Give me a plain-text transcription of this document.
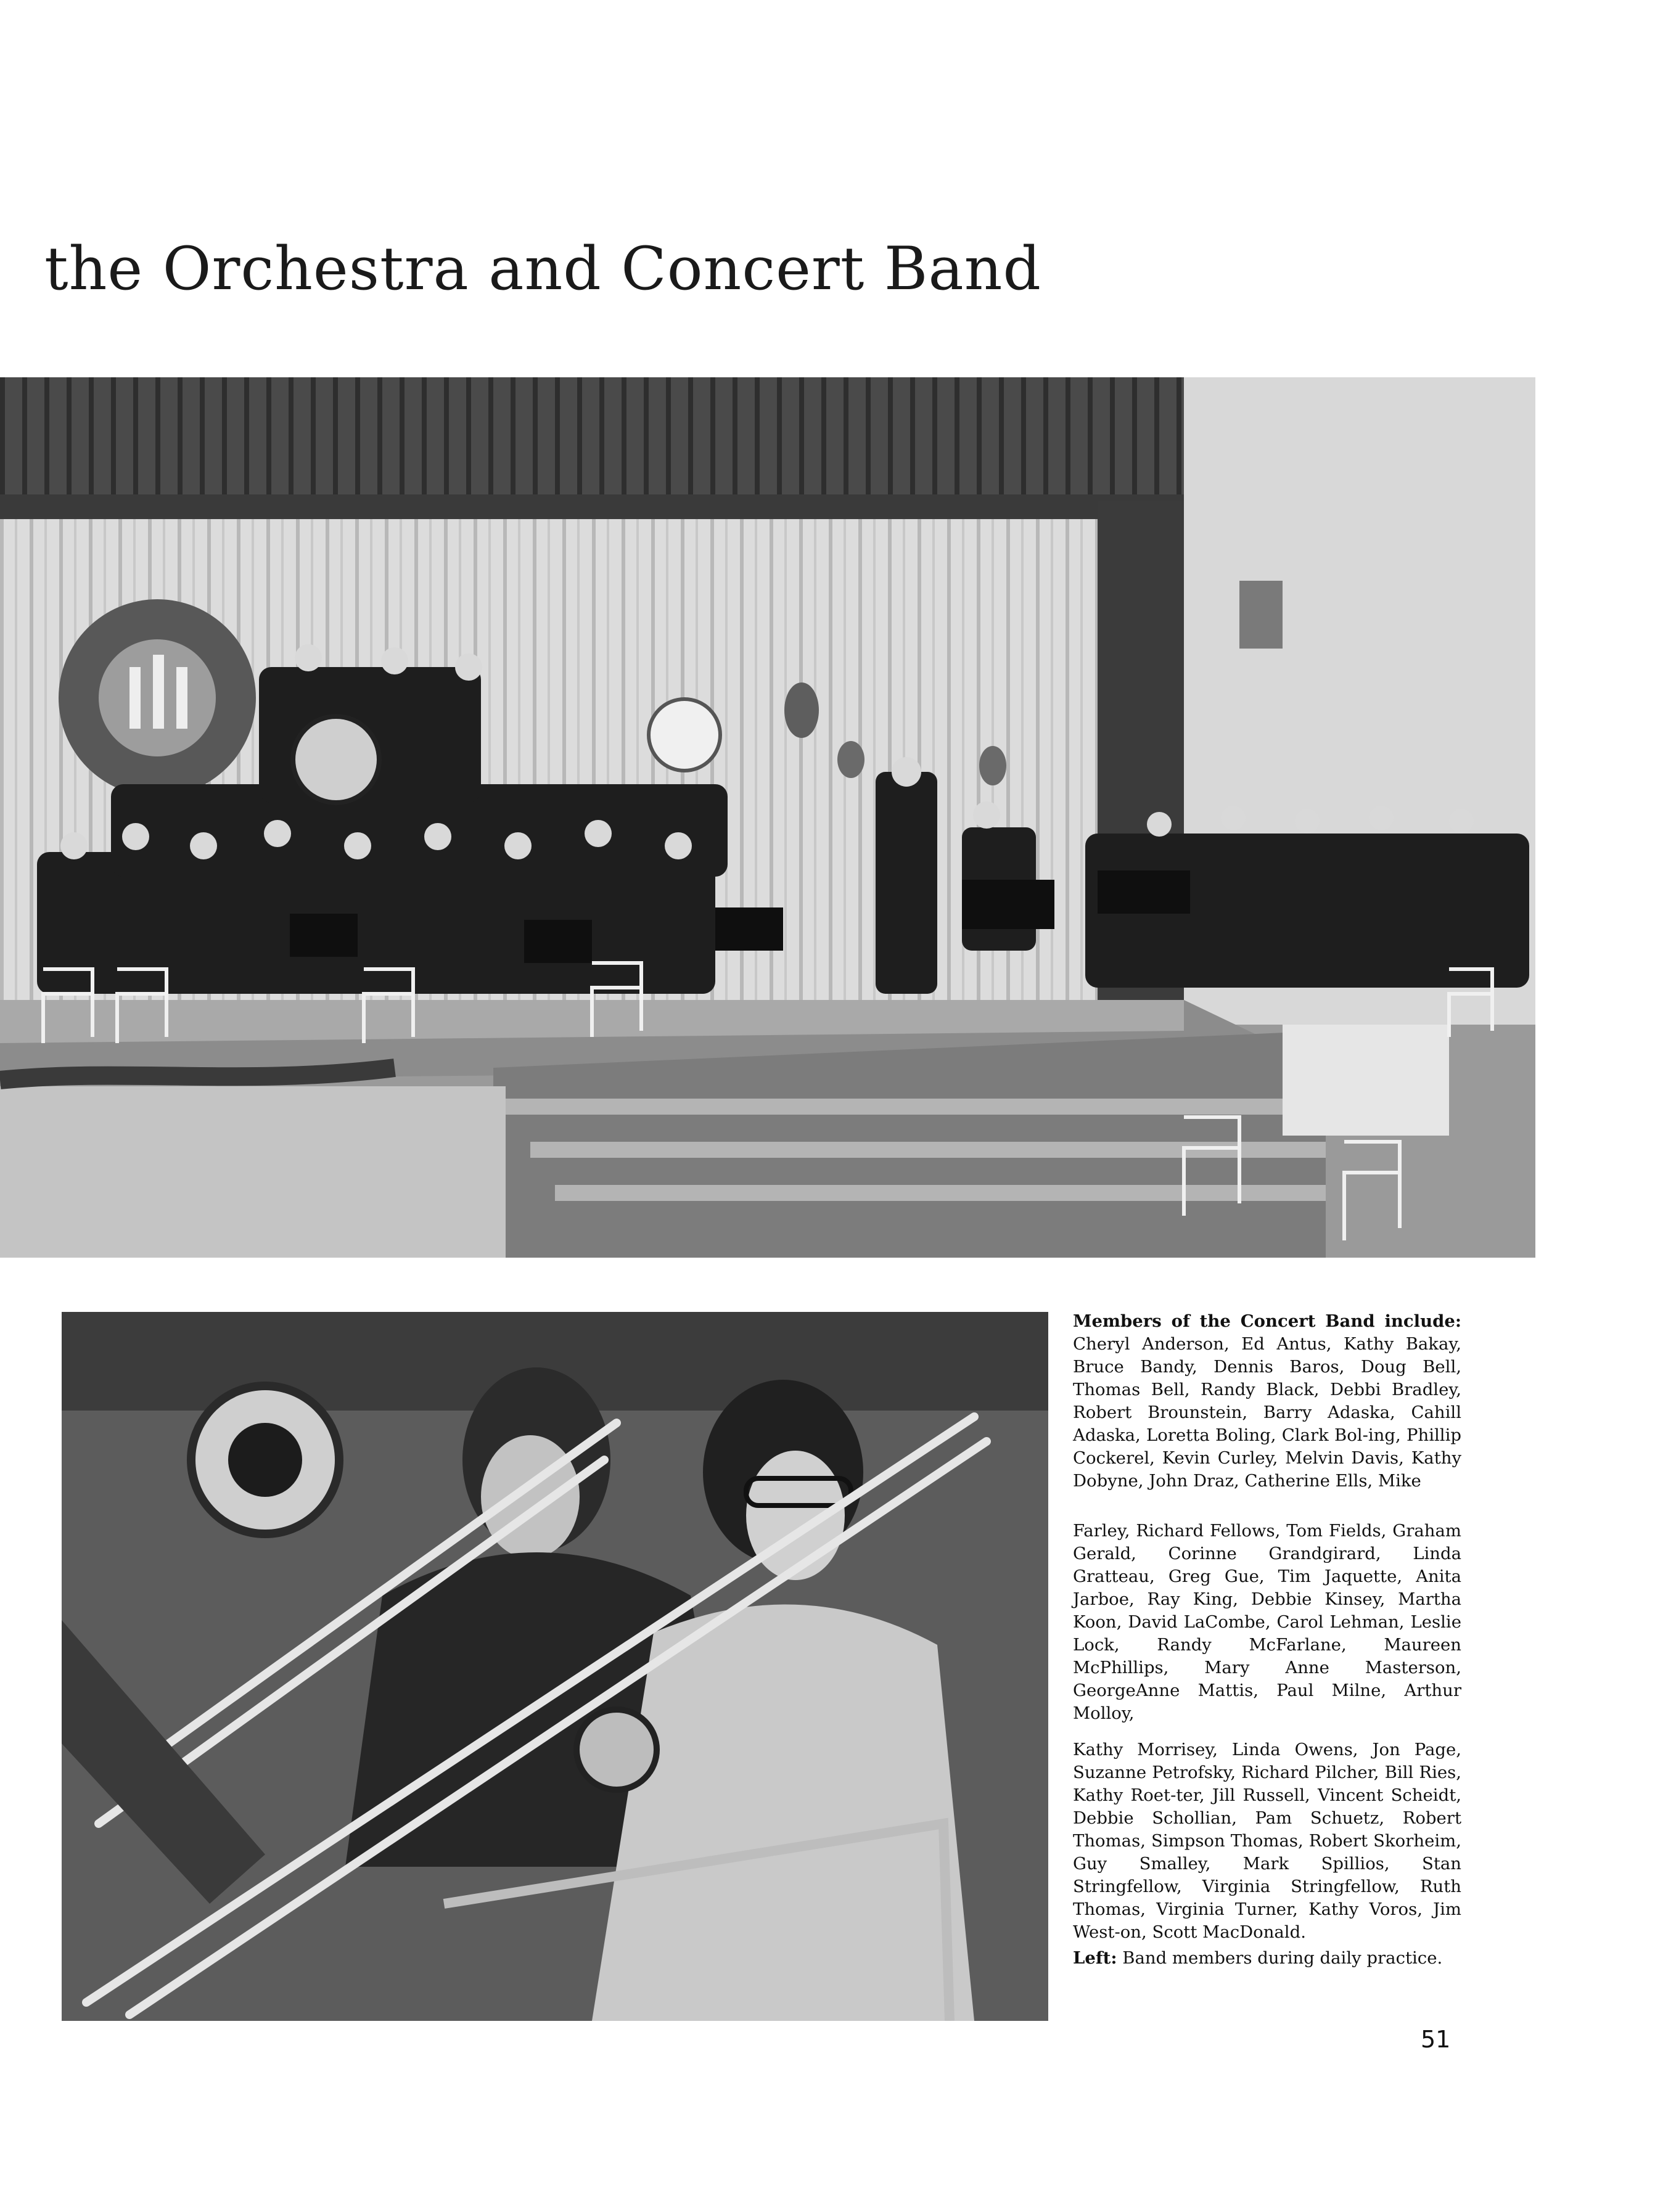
the Orchestra and Concert Band
Members of the Concert Band include: Cheryl Anderson, Ed Antus, Kathy Bakay, Bruce Bandy, Dennis Baros, Doug Bell, Thomas Bell, Randy Black, Debbi Bradley, Robert Brounstein, Barry Adaska, Cahill Adaska, Loretta Boling, Clark Bol-ing, Phillip Cockerel, Kevin Curley, Melvin Davis, Kathy Dobyne, John Draz, Catherine Ells, Mike
Farley, Richard Fellows, Tom Fields, Graham Gerald, Corinne Grandgirard, Linda Gratteau, Greg Gue, Tim Jaquette, Anita Jarboe, Ray King, Debbie Kinsey, Martha Koon, David LaCombe, Carol Lehman, Leslie Lock, Randy McFarlane, Maureen McPhillips, Mary Anne Masterson, GeorgeAnne Mattis, Paul Milne, Arthur Molloy,
Kathy Morrisey, Linda Owens, Jon Page, Suzanne Petrofsky, Richard Pilcher, Bill Ries, Kathy Roet-ter, Jill Russell, Vincent Scheidt, Debbie Schollian, Pam Schuetz, Robert Thomas, Simpson Thomas, Robert Skorheim, Guy Smalley, Mark Spillios, Stan Stringfellow, Virginia Stringfellow, Ruth Thomas, Virginia Turner, Kathy Voros, Jim West-on, Scott MacDonald.
Left: Band members during daily practice.
51
